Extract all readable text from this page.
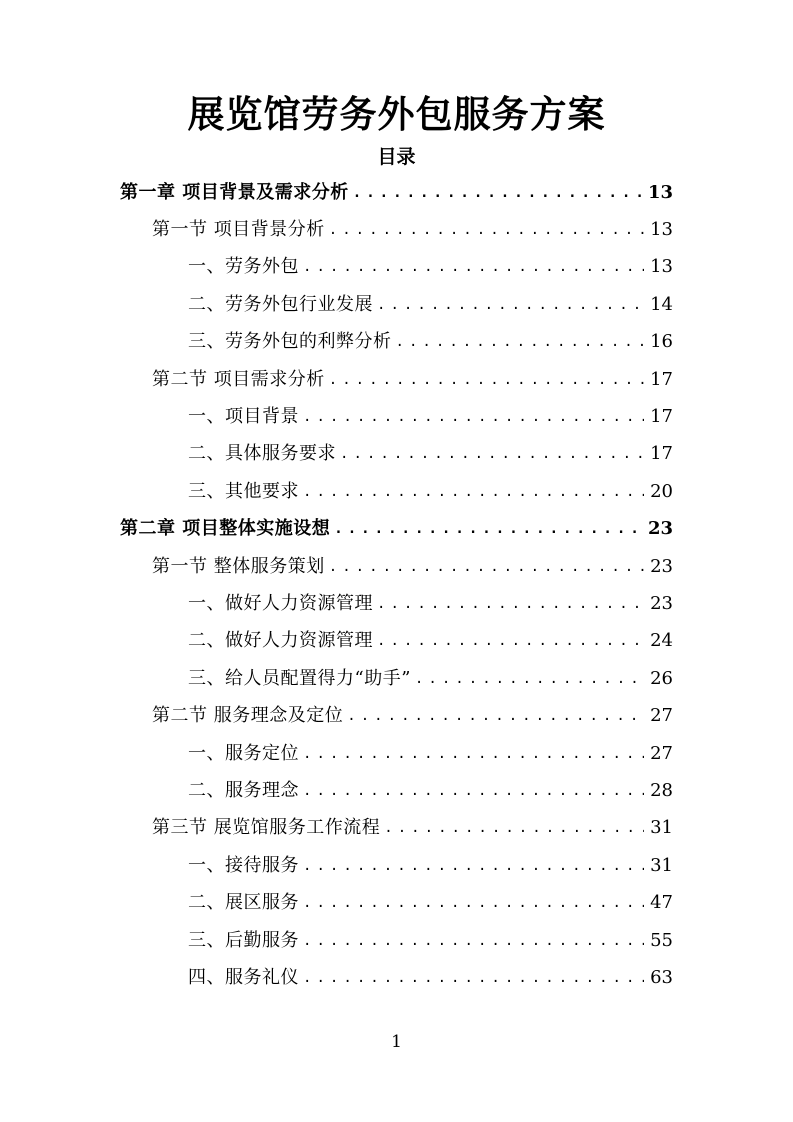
展览馆劳务外包服务方案
目录
第一章 项目背景及需求分析 . . .	13
第一节 项目背景分析 . . .	13
一、劳务外包 . . .	13
二、劳务外包行业发展 . . .	14
三、劳务外包的利弊分析 . . .	16
第二节 项目需求分析 . . .	17
一、项目背景 . . .	17
二、具体服务要求 . . .	17
三、其他要求 . . .	20
第二章 项目整体实施设想 . . .	23
第一节 整体服务策划 . . .	23
一、做好人力资源管理 . . .	23
二、做好人力资源管理 . . .	24
三、给人员配置得力“助手” . . .	26
第二节 服务理念及定位 . . .	27
一、服务定位 . . .	27
二、服务理念 . . .	28
第三节 展览馆服务工作流程 . . .	31
一、接待服务 . . .	31
二、展区服务 . . .	47
三、后勤服务 . . .	55
四、服务礼仪 . . .	63
1
